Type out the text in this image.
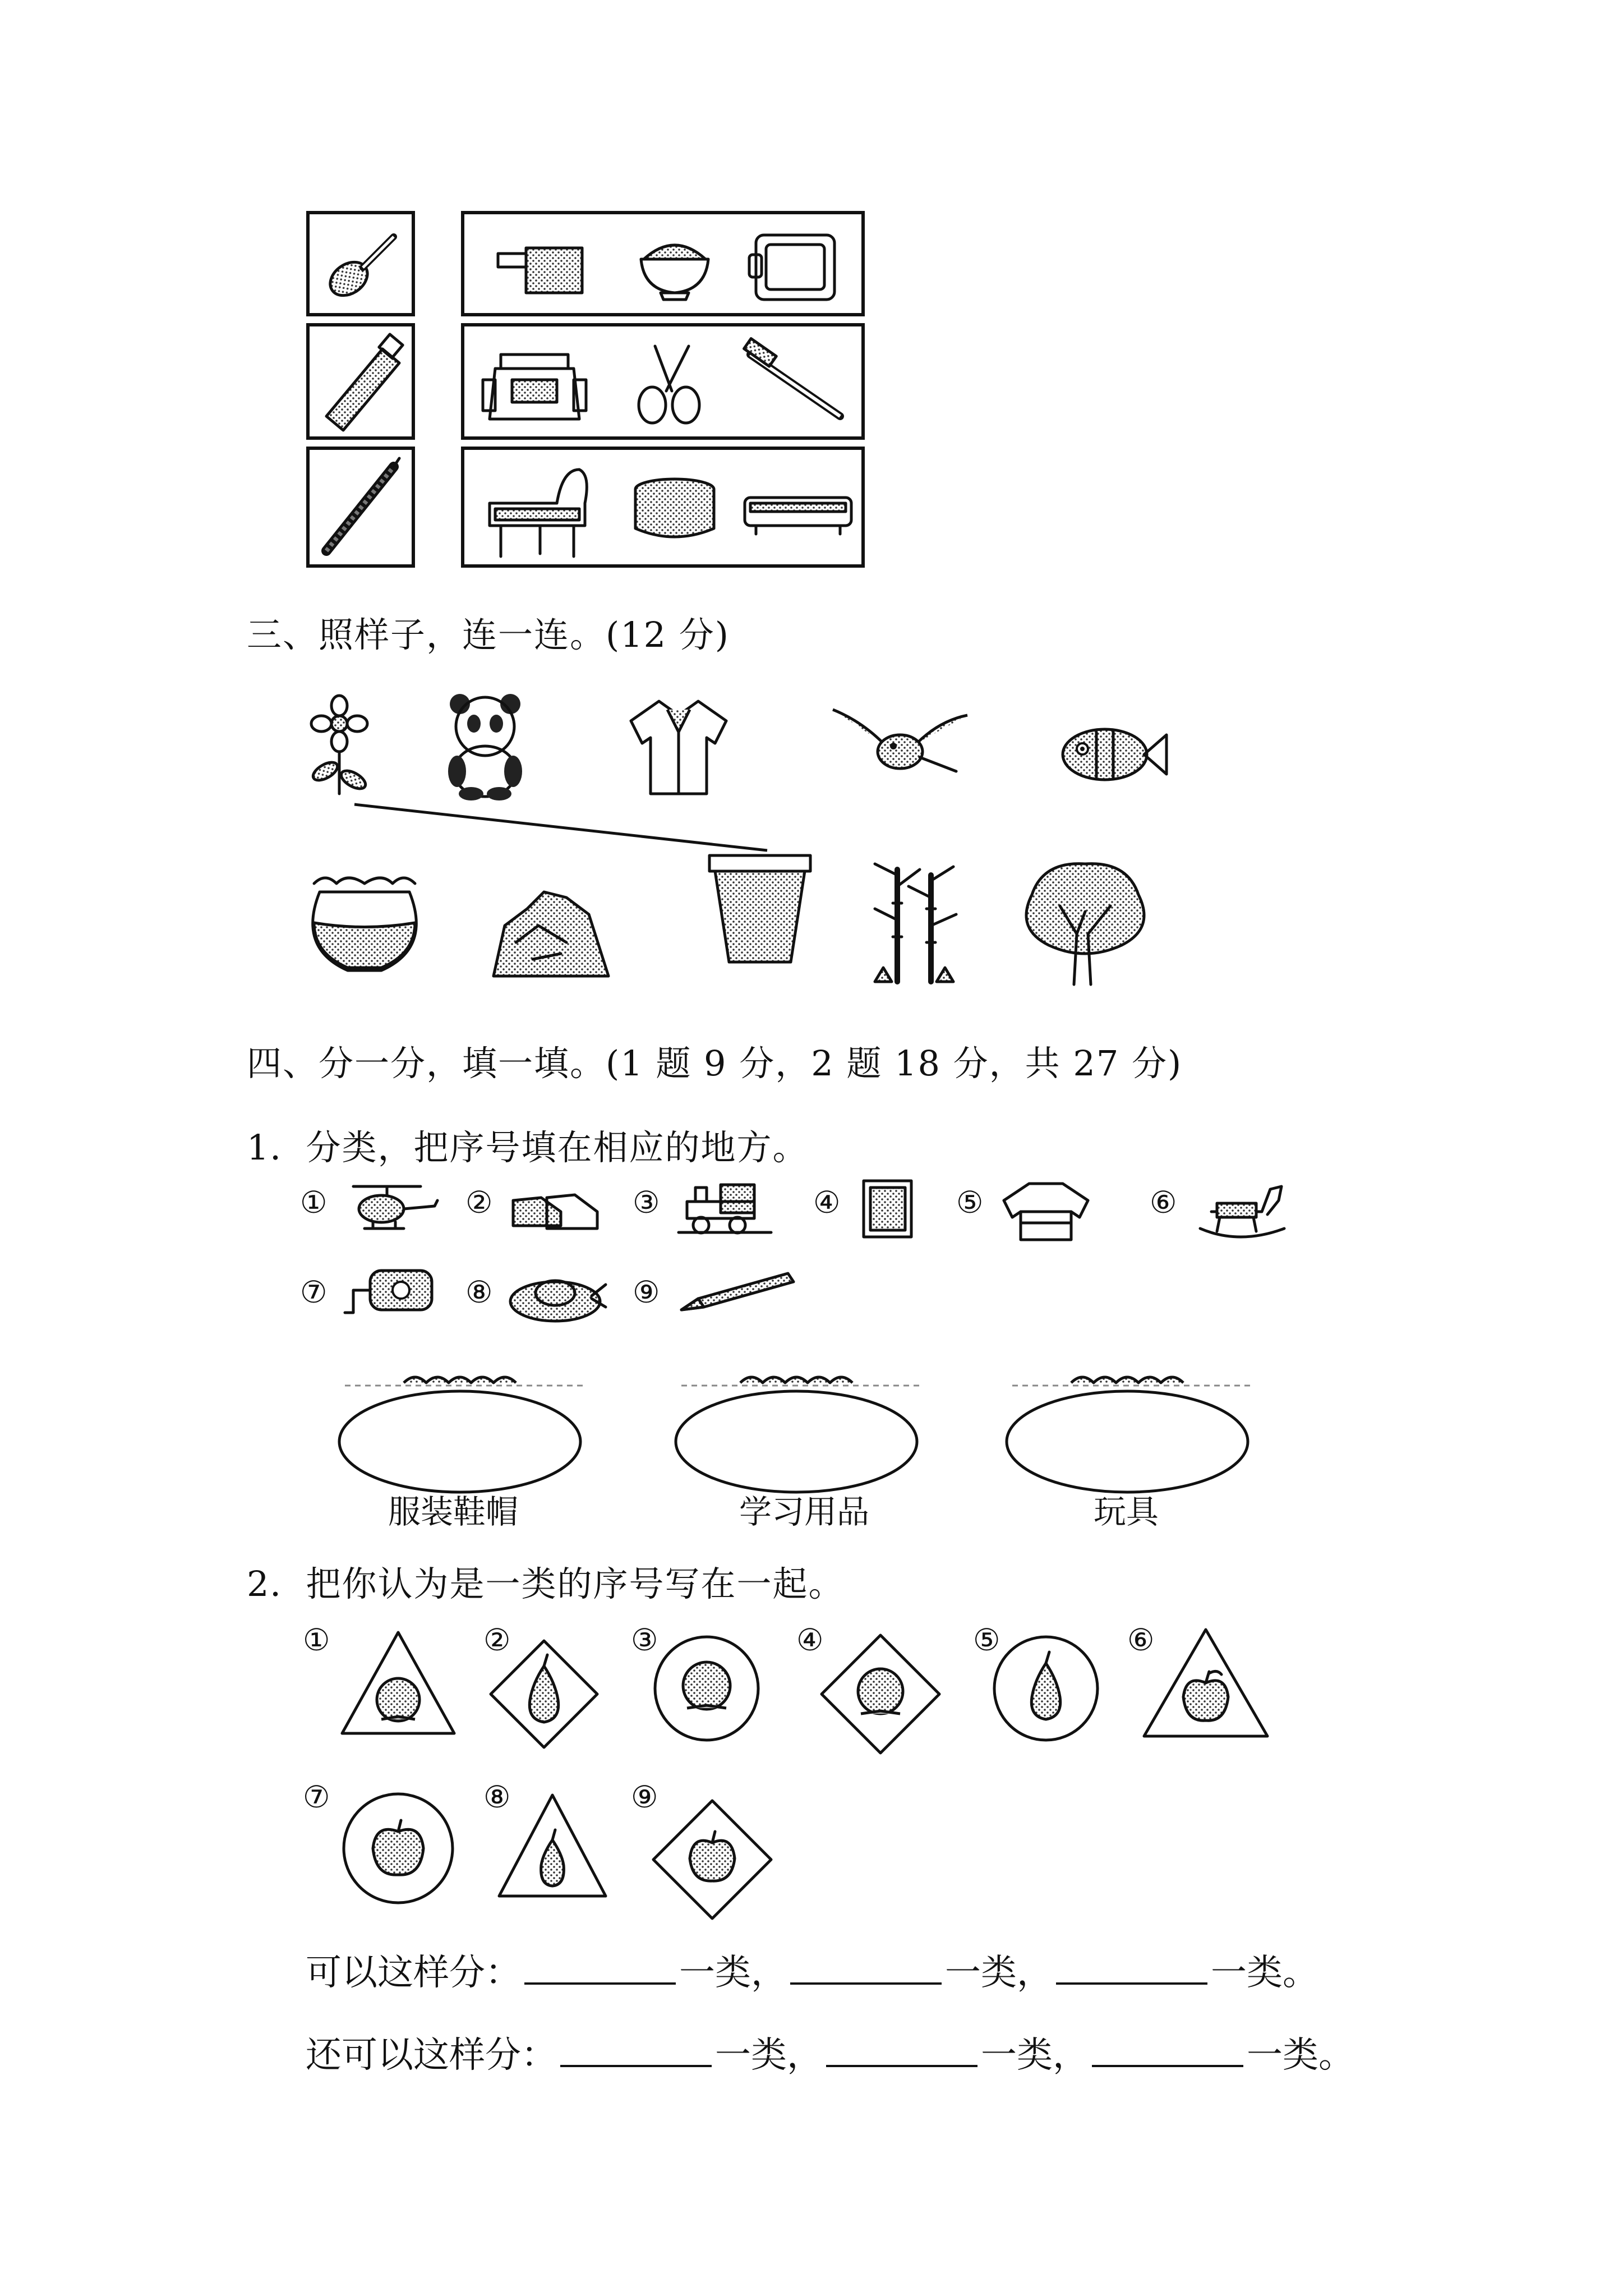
三、照样子，连一连。(12 分)
四、分一分，填一填。(1 题 9 分，2 题 18 分，共 27 分)
1．分类，把序号填在相应的地方。
①	②	③	④	⑤	⑥
⑦	⑧	⑨
服装鞋帽	学习用品	玩具
2．把你认为是一类的序号写在一起。
①	②	③	④	⑤	⑥
⑦	⑧	⑨
可以这样分：	一类，	一类，	一类。
还可以这样分：	一类，	一类，	一类。
